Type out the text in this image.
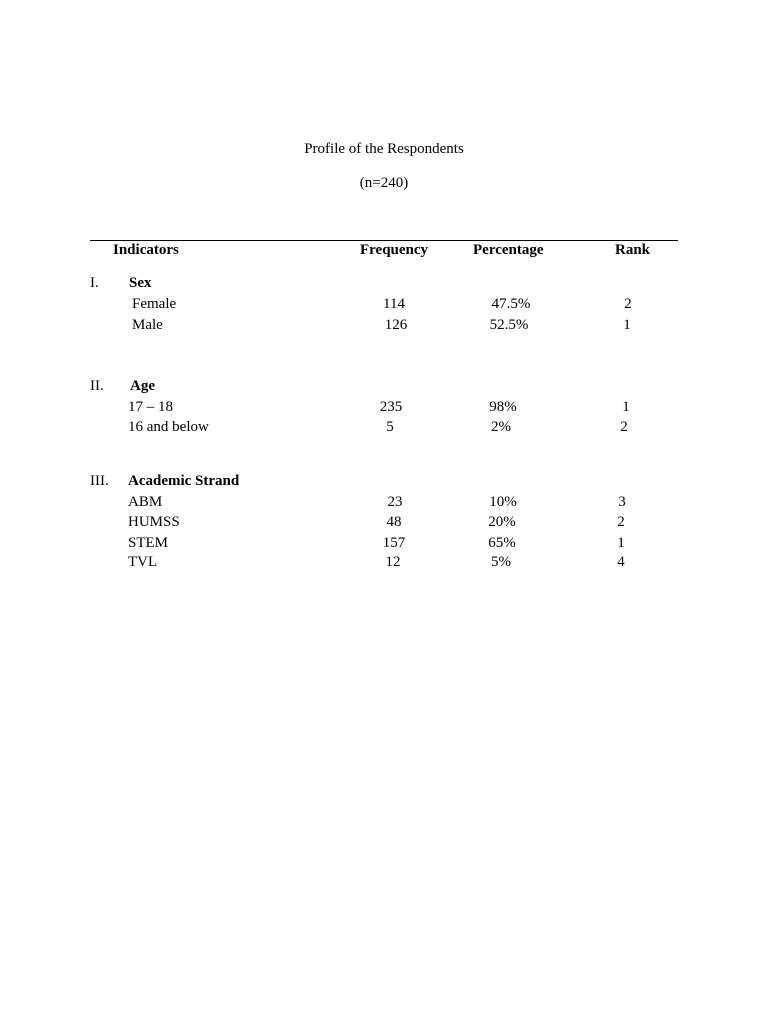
Profile of the Respondents
(n=240)
Indicators	Frequency	Percentage	Rank
I. Sex
Female	114	47.5%	2
Male	126	52.5%	1
II. Age
17 – 18	235	98%	1
16 and below	5	2%	2
III. Academic Strand
ABM	23	10%	3
HUMSS	48	20%	2
STEM	157	65%	1
TVL	12	5%	4
